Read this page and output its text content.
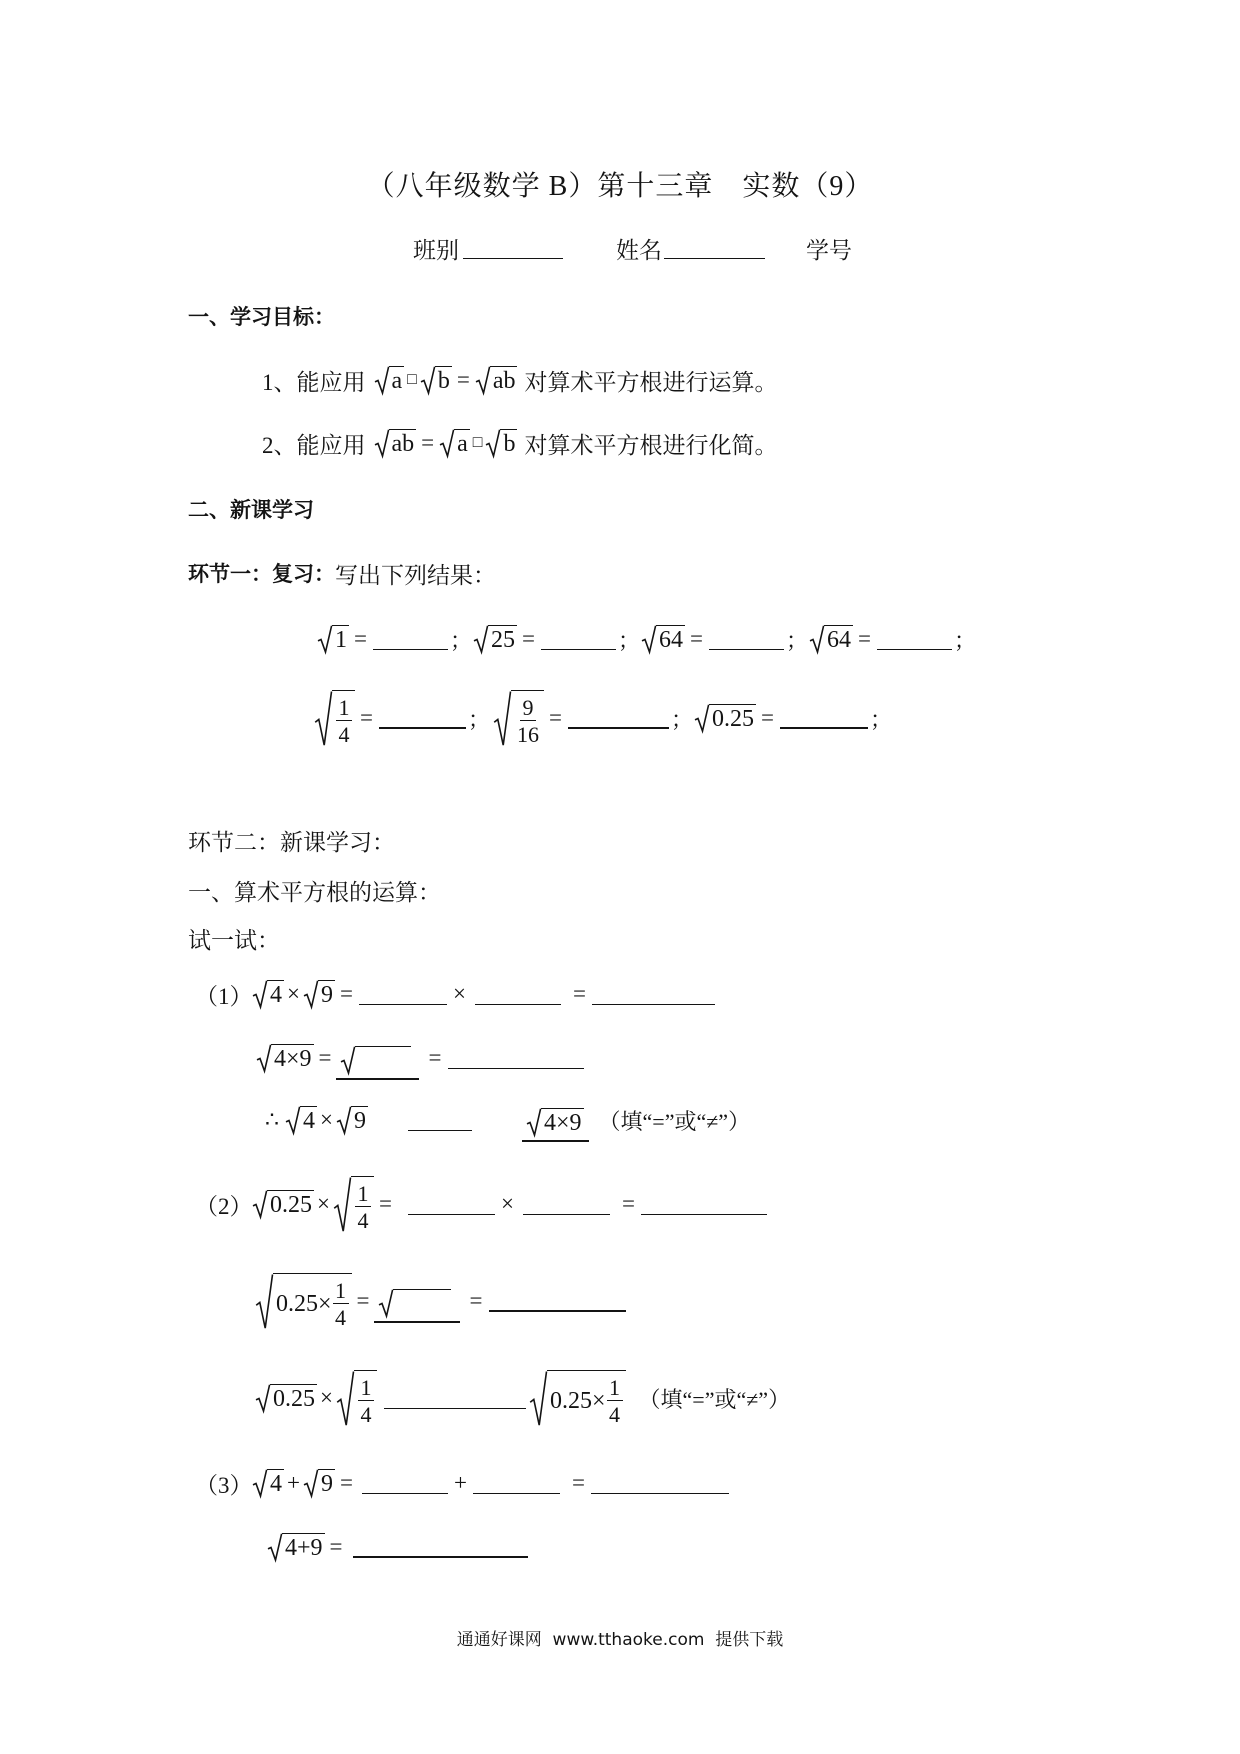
（八年级数学 B）第十三章　实数（9）
班别	姓名	学号
一、学习目标：
1、能应用 a □ b = ab 对算术平方根进行运算。
2、能应用 ab = a □ b 对算术平方根进行化简。
二、新课学习
环节一：复习： 写出下列结果：
1 =	； 25 =	； 64 =	； 64 =	；
$\frac{1}{4}$ =	； $\frac{9}{16}$ =	； 0.25 =	；
环节二：新课学习：
一、算术平方根的运算：
试一试：
（1） 4 × 9 =	×	=
4×9 =	=
∴ 4 × 9	4×9 （填“=”或“≠”）
（2） $0.25 \times \frac{1}{4}$ =	×	=
$0.25\times \frac{1}{4}$ =	=
$0.25 \times \frac{1}{4}$	$0.25\times \frac{1}{4}$ （填“=”或“≠”）
（3） 4 + 9 =	+	=
4+9 =
通通好课网  www.tthaoke.com  提供下载
